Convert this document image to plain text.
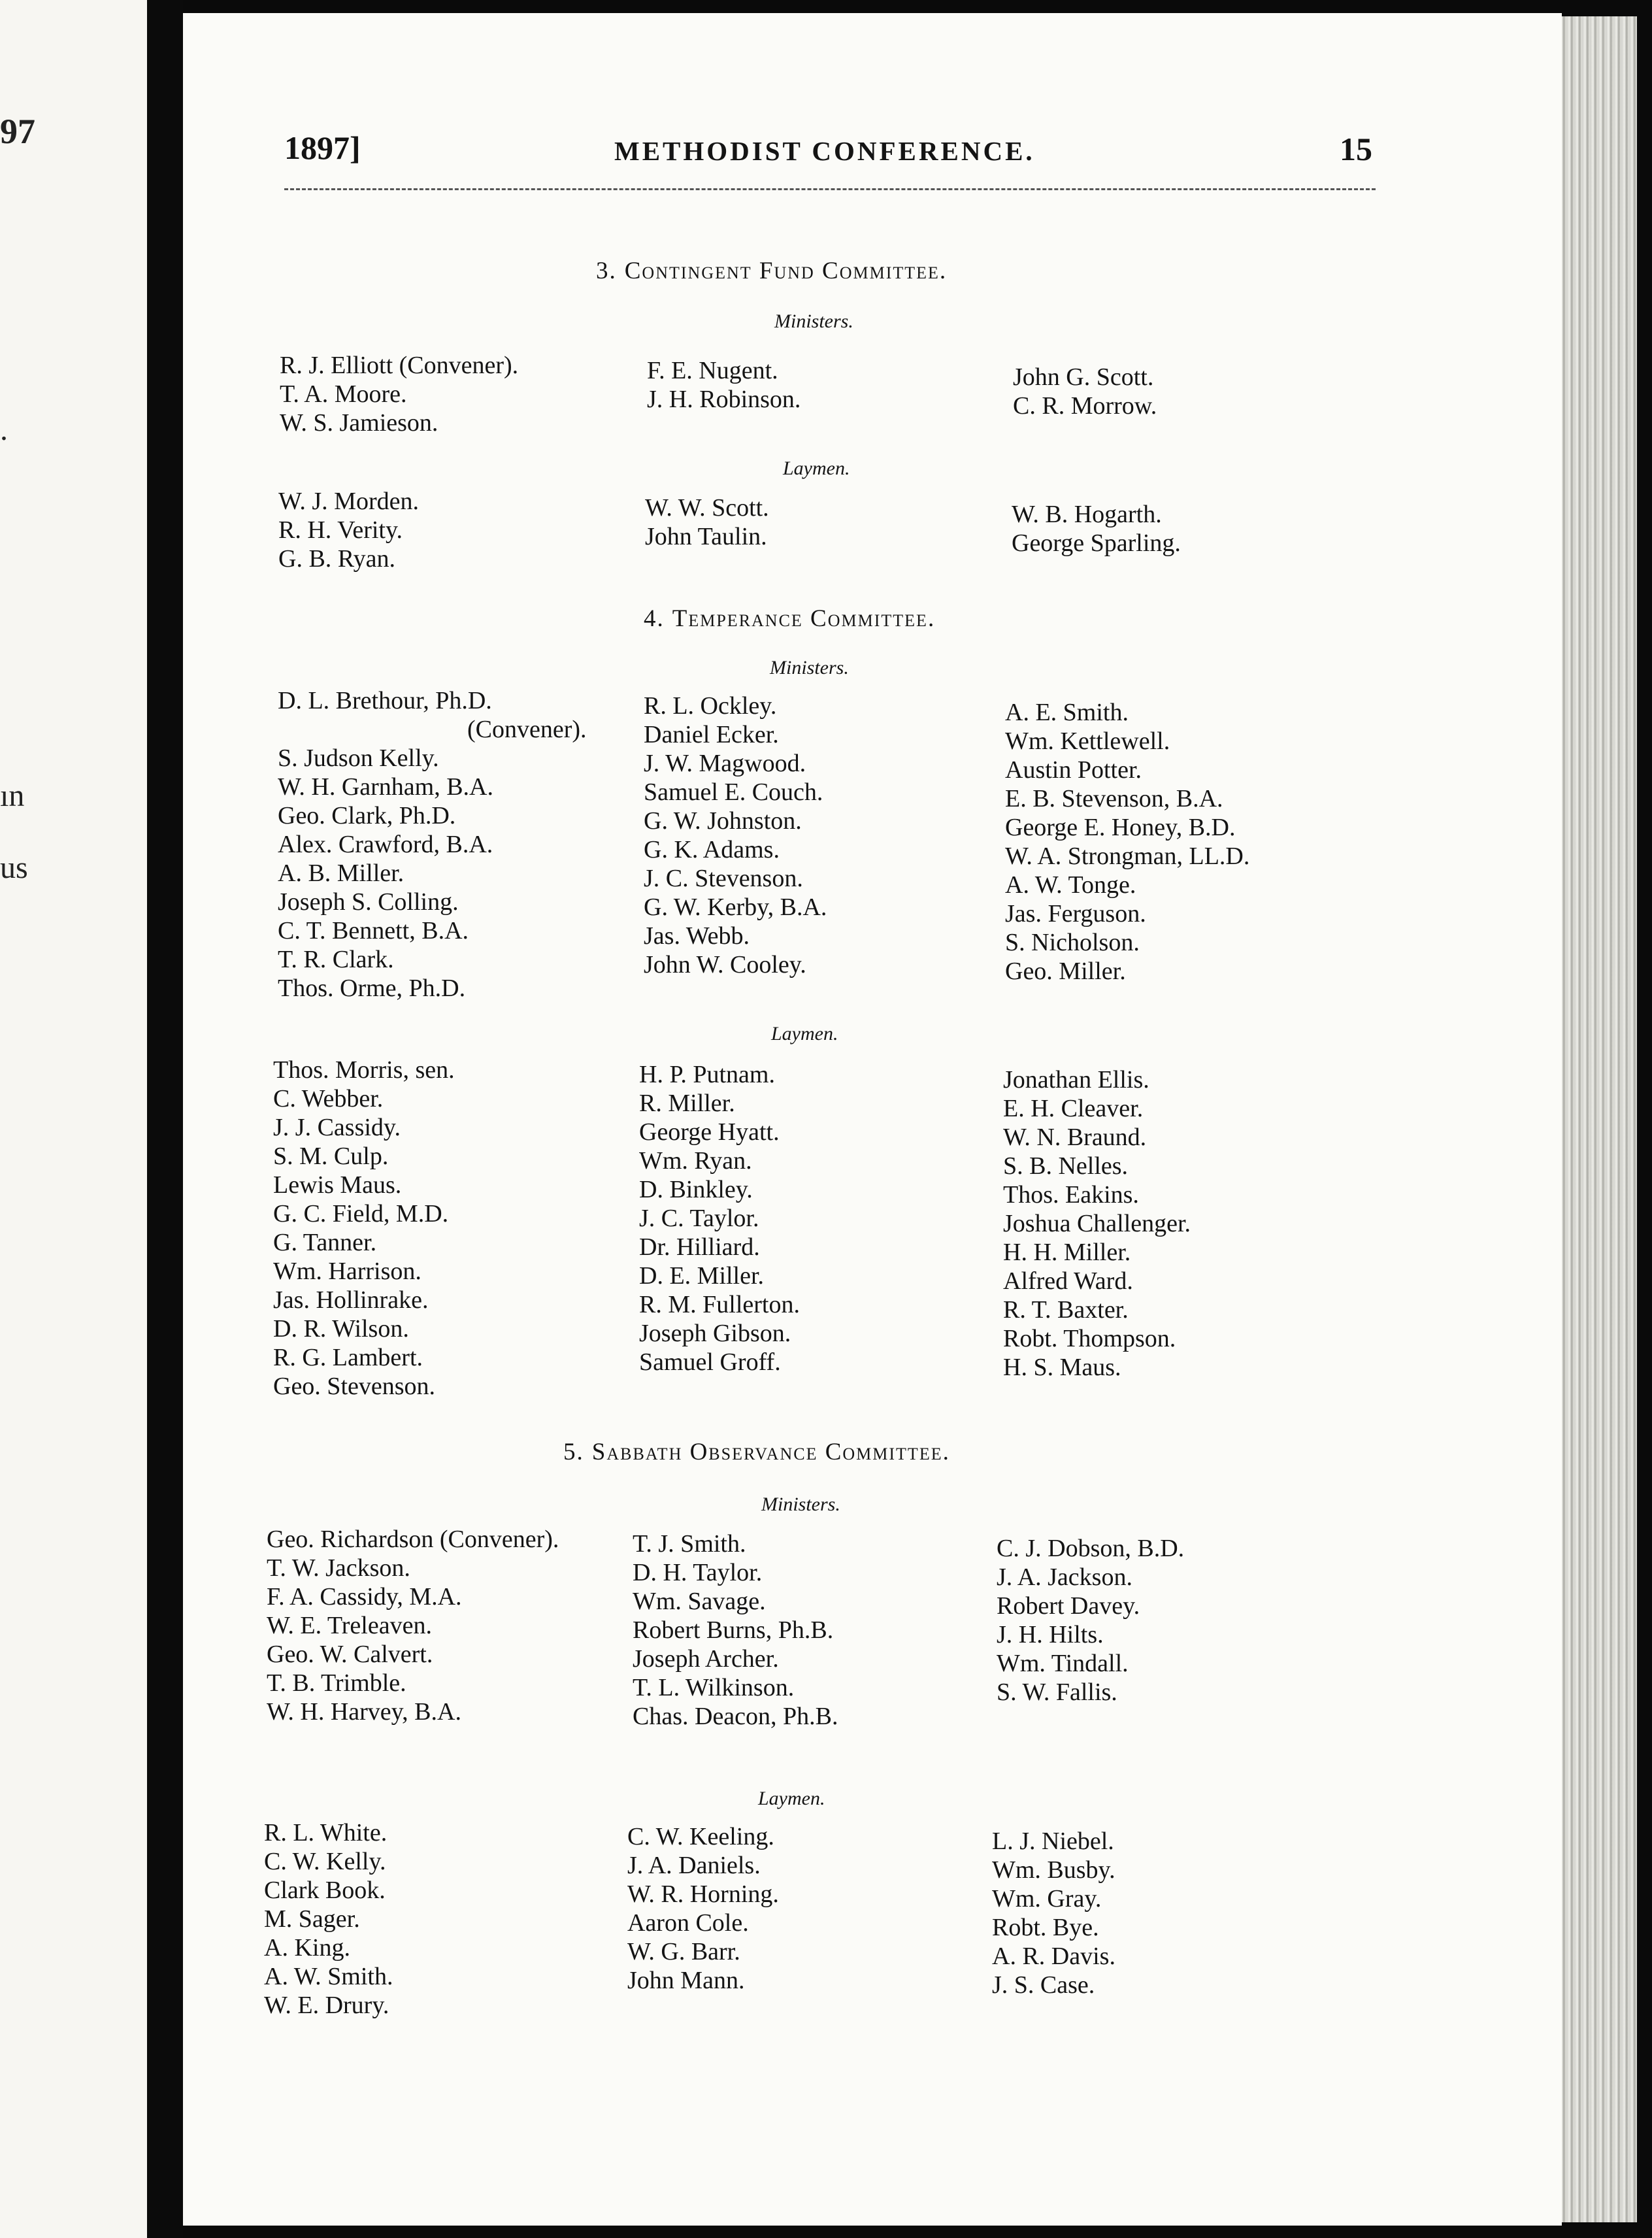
97
.
ın
us
1897]	METHODIST CONFERENCE.	15
3. Contingent Fund Committee.
Ministers.
R. J. Elliott (Convener).
T. A. Moore.
W. S. Jamieson.
F. E. Nugent.
J. H. Robinson.
John G. Scott.
C. R. Morrow.
Laymen.
W. J. Morden.
R. H. Verity.
G. B. Ryan.
W. W. Scott.
John Taulin.
W. B. Hogarth.
George Sparling.
4. Temperance Committee.
Ministers.
D. L. Brethour, Ph.D.
(Convener).
S. Judson Kelly.
W. H. Garnham, B.A.
Geo. Clark, Ph.D.
Alex. Crawford, B.A.
A. B. Miller.
Joseph S. Colling.
C. T. Bennett, B.A.
T. R. Clark.
Thos. Orme, Ph.D.
R. L. Ockley.
Daniel Ecker.
J. W. Magwood.
Samuel E. Couch.
G. W. Johnston.
G. K. Adams.
J. C. Stevenson.
G. W. Kerby, B.A.
Jas. Webb.
John W. Cooley.
A. E. Smith.
Wm. Kettlewell.
Austin Potter.
E. B. Stevenson, B.A.
George E. Honey, B.D.
W. A. Strongman, LL.D.
A. W. Tonge.
Jas. Ferguson.
S. Nicholson.
Geo. Miller.
Laymen.
Thos. Morris, sen.
C. Webber.
J. J. Cassidy.
S. M. Culp.
Lewis Maus.
G. C. Field, M.D.
G. Tanner.
Wm. Harrison.
Jas. Hollinrake.
D. R. Wilson.
R. G. Lambert.
Geo. Stevenson.
H. P. Putnam.
R. Miller.
George Hyatt.
Wm. Ryan.
D. Binkley.
J. C. Taylor.
Dr. Hilliard.
D. E. Miller.
R. M. Fullerton.
Joseph Gibson.
Samuel Groff.
Jonathan Ellis.
E. H. Cleaver.
W. N. Braund.
S. B. Nelles.
Thos. Eakins.
Joshua Challenger.
H. H. Miller.
Alfred Ward.
R. T. Baxter.
Robt. Thompson.
H. S. Maus.
5. Sabbath Observance Committee.
Ministers.
Geo. Richardson (Convener).
T. W. Jackson.
F. A. Cassidy, M.A.
W. E. Treleaven.
Geo. W. Calvert.
T. B. Trimble.
W. H. Harvey, B.A.
T. J. Smith.
D. H. Taylor.
Wm. Savage.
Robert Burns, Ph.B.
Joseph Archer.
T. L. Wilkinson.
Chas. Deacon, Ph.B.
C. J. Dobson, B.D.
J. A. Jackson.
Robert Davey.
J. H. Hilts.
Wm. Tindall.
S. W. Fallis.
Laymen.
R. L. White.
C. W. Kelly.
Clark Book.
M. Sager.
A. King.
A. W. Smith.
W. E. Drury.
C. W. Keeling.
J. A. Daniels.
W. R. Horning.
Aaron Cole.
W. G. Barr.
John Mann.
L. J. Niebel.
Wm. Busby.
Wm. Gray.
Robt. Bye.
A. R. Davis.
J. S. Case.
